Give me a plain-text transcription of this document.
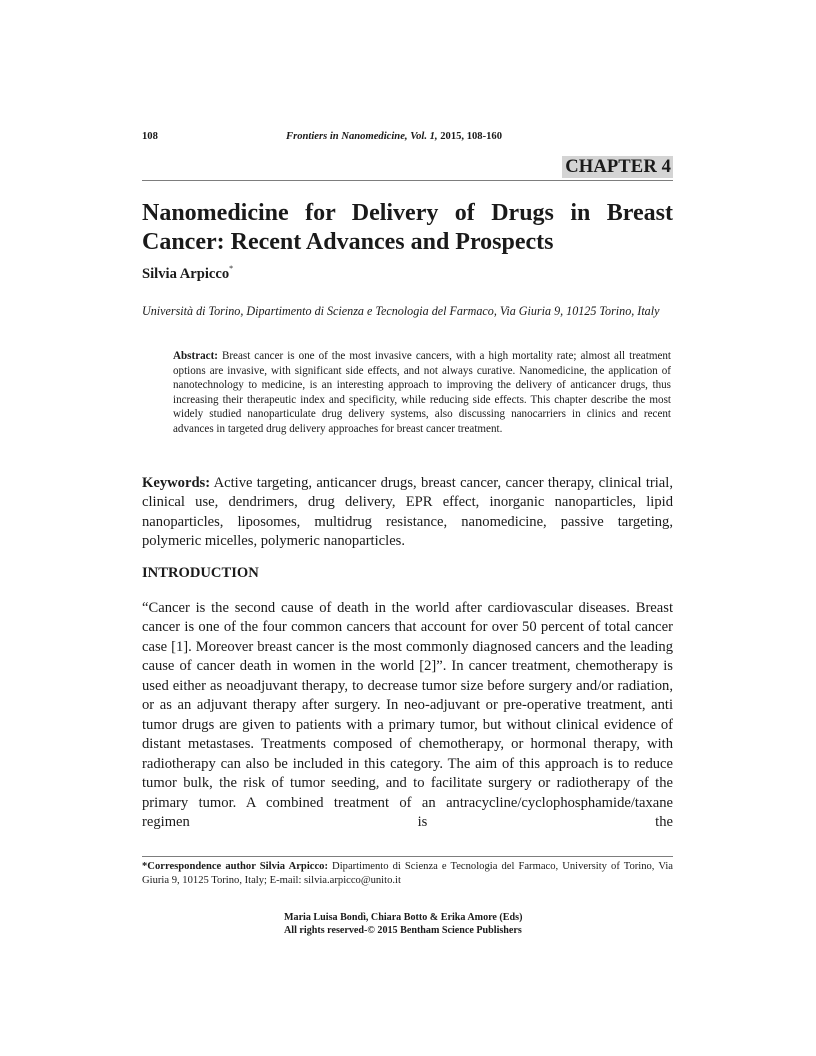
108	Frontiers in Nanomedicine, Vol. 1, 2015, 108-160
CHAPTER 4
Nanomedicine for Delivery of Drugs in Breast Cancer: Recent Advances and Prospects
Silvia Arpicco*
Università di Torino, Dipartimento di Scienza e Tecnologia del Farmaco, Via Giuria 9, 10125 Torino, Italy

Abstract: Breast cancer is one of the most invasive cancers, with a high mortality rate; almost all treatment options are invasive, with significant side effects, and not always curative. Nanomedicine, the application of nanotechnology to medicine, is an interesting approach to improving the delivery of anticancer drugs, thus increasing their therapeutic index and specificity, while reducing side effects. This chapter describe the most widely studied nanoparticulate drug delivery systems, also discussing nanocarriers in clinics and recent advances in targeted drug delivery approaches for breast cancer treatment.

Keywords: Active targeting, anticancer drugs, breast cancer, cancer therapy, clinical trial, clinical use, dendrimers, drug delivery, EPR effect, inorganic nanoparticles, lipid nanoparticles, liposomes, multidrug resistance, nanomedicine, passive targeting, polymeric micelles, polymeric nanoparticles.

INTRODUCTION

“Cancer is the second cause of death in the world after cardiovascular diseases. Breast cancer is one of the four common cancers that account for over 50 percent of total cancer case [1]. Moreover breast cancer is the most commonly diagnosed cancers and the leading cause of cancer death in women in the world [2]”. In cancer treatment, chemotherapy is used either as neoadjuvant therapy, to decrease tumor size before surgery and/or radiation, or as an adjuvant therapy after surgery. In neo-adjuvant or pre-operative treatment, anti tumor drugs are given to patients with a primary tumor, but without clinical evidence of distant metastases. Treatments composed of chemotherapy, or hormonal therapy, with radiotherapy can also be included in this category. The aim of this approach is to reduce tumor bulk, the risk of tumor seeding, and to facilitate surgery or radiotherapy of the primary tumor. A combined treatment of an antracycline/cyclophosphamide/taxane regimen is the

*Correspondence author Silvia Arpicco: Dipartimento di Scienza e Tecnologia del Farmaco, University of Torino, Via Giuria 9, 10125 Torino, Italy; E-mail: silvia.arpicco@unito.it

Maria Luisa Bondì, Chiara Botto & Erika Amore (Eds)
All rights reserved-© 2015 Bentham Science Publishers
